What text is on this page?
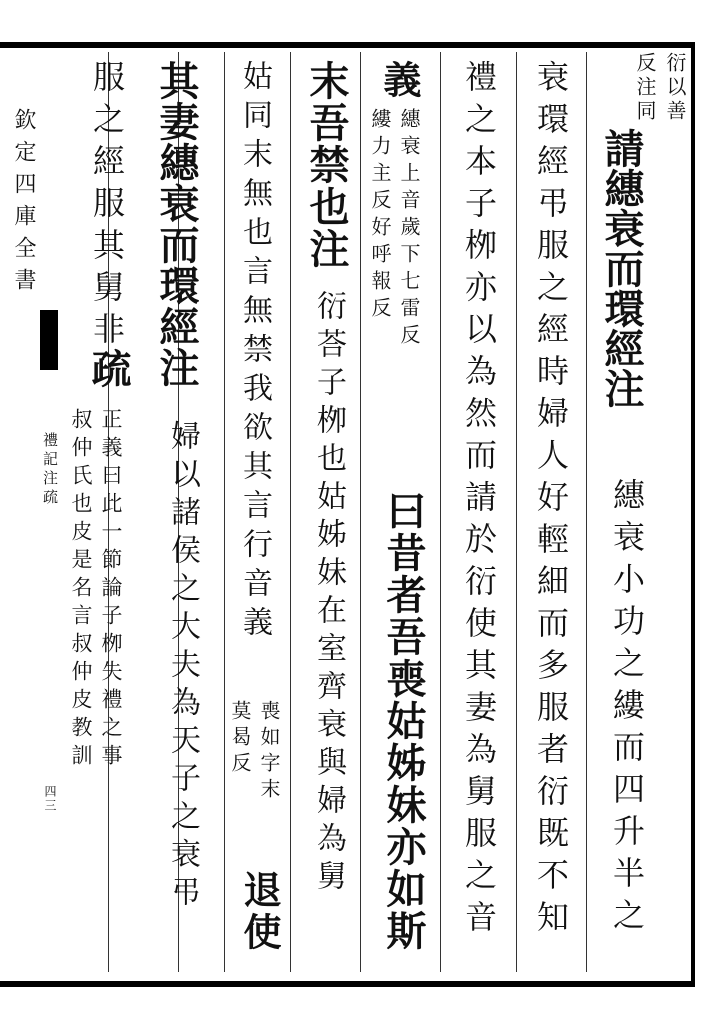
欽定四庫全書
禮記注疏
四三
衍以善
反注同
請繐衰而環經注
繐衰小功之縷而四升半之
衰環經弔服之經時婦人好輕細而多服者衍既不知
禮之本子栁亦以為然而請於衍使其妻為舅服之音
義
繐衰上音歲下七雷反
縷力主反好呼報反
曰昔者吾喪姑姊妹亦如斯
末吾禁也注
衍荅子栁也姑姊妹在室齊衰與婦為舅
姑同末無也言無禁我欲其言行音義
喪如字末
莫曷反
退使
其妻繐衰而環經注
婦以諸侯之大夫為天子之衰弔
服之經服其舅非
疏
正義曰此一節論子栁失禮之事
叔仲氏也皮是名言叔仲皮教訓
